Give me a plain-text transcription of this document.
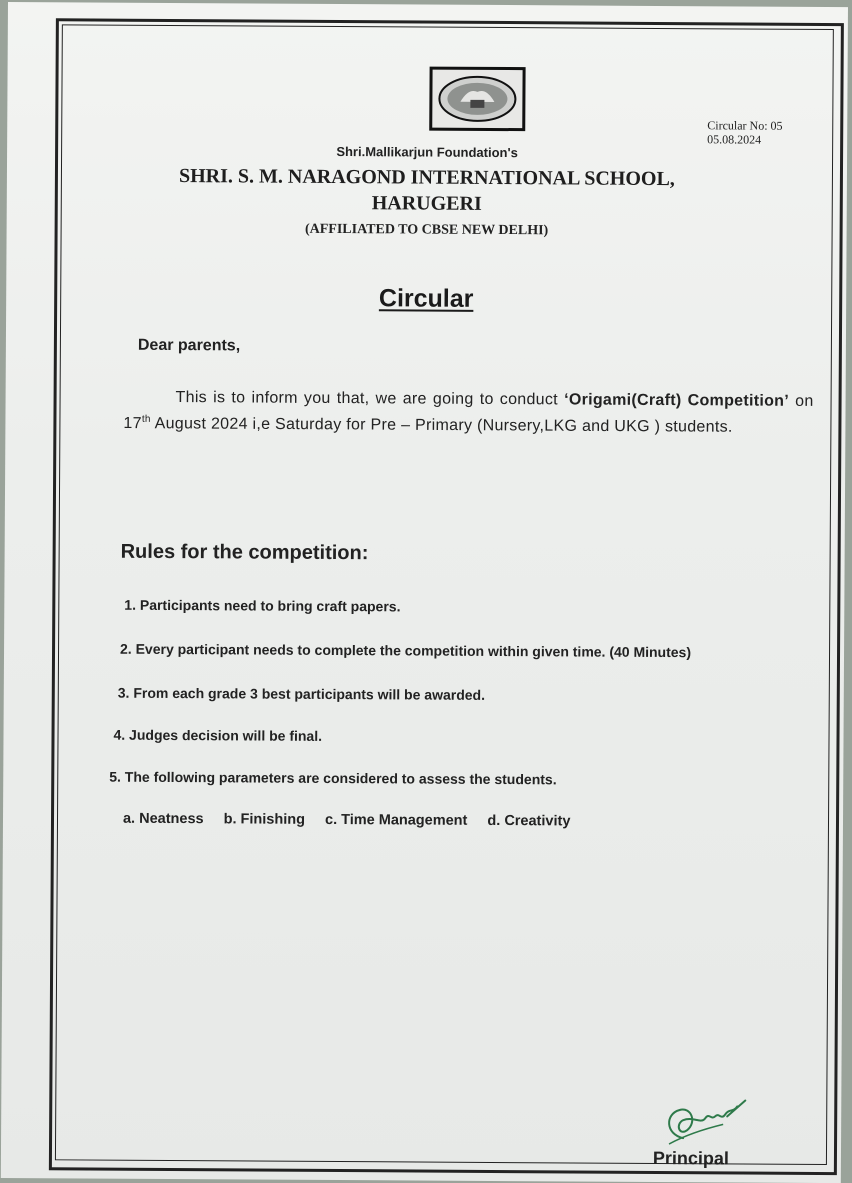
Circular No: 05
05.08.2024
Shri.Mallikarjun Foundation's
SHRI. S. M. NARAGOND INTERNATIONAL SCHOOL,
HARUGERI
(AFFILIATED TO CBSE NEW DELHI)
Circular
Dear parents,
This is to inform you that, we are going to conduct ‘Origami(Craft) Competition’ on 17th August 2024 i,e Saturday for Pre – Primary (Nursery,LKG and UKG ) students.
Rules for the competition:
1. Participants need to bring craft papers.
2. Every participant needs to complete the competition within given time. (40 Minutes)
3. From each grade 3 best participants will be awarded.
4. Judges decision will be final.
5. The following parameters are considered to assess the students.
a. Neatness b. Finishing c. Time Management d. Creativity
Principal
